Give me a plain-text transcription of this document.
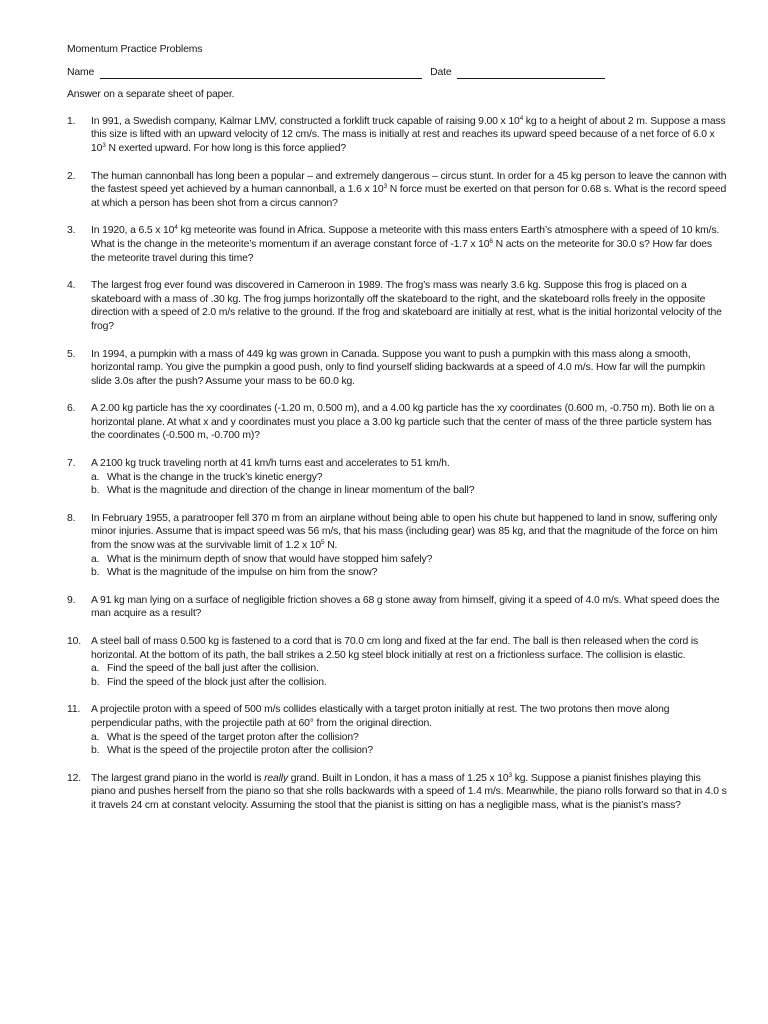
Momentum Practice Problems
Name	Date
Answer on a separate sheet of paper.
1.	In 991, a Swedish company, Kalmar LMV, constructed a forklift truck capable of raising 9.00 x $10^4$ kg to a height of about 2 m. Suppose a mass this size is lifted with an upward velocity of 12 cm/s. The mass is initially at rest and reaches its upward speed because of a net force of 6.0 x $10^3$ N exerted upward. For how long is this force applied?
2.	The human cannonball has long been a popular – and extremely dangerous – circus stunt. In order for a 45 kg person to leave the cannon with the fastest speed yet achieved by a human cannonball, a 1.6 x $10^3$ N force must be exerted on that person for 0.68 s. What is the record speed at which a person has been shot from a circus cannon?
3.	In 1920, a 6.5 x $10^4$ kg meteorite was found in Africa. Suppose a meteorite with this mass enters Earth’s atmosphere with a speed of 10 km/s. What is the change in the meteorite’s momentum if an average constant force of -1.7 x $10^6$ N acts on the meteorite for 30.0 s? How far does the meteorite travel during this time?
4.	The largest frog ever found was discovered in Cameroon in 1989. The frog’s mass was nearly 3.6 kg. Suppose this frog is placed on a skateboard with a mass of .30 kg. The frog jumps horizontally off the skateboard to the right, and the skateboard rolls freely in the opposite direction with a speed of 2.0 m/s relative to the ground. If the frog and skateboard are initially at rest, what is the initial horizontal velocity of the frog?
5.	In 1994, a pumpkin with a mass of 449 kg was grown in Canada. Suppose you want to push a pumpkin with this mass along a smooth, horizontal ramp. You give the pumpkin a good push, only to find yourself sliding backwards at a speed of 4.0 m/s. How far will the pumpkin slide 3.0s after the push? Assume your mass to be 60.0 kg.
6.	A 2.00 kg particle has the xy coordinates (-1.20 m, 0.500 m), and a 4.00 kg particle has the xy coordinates (0.600 m, -0.750 m). Both lie on a horizontal plane. At what x and y coordinates must you place a 3.00 kg particle such that the center of mass of the three particle system has the coordinates (-0.500 m, -0.700 m)?
7.	A 2100 kg truck traveling north at 41 km/h turns east and accelerates to 51 km/h.
a. What is the change in the truck’s kinetic energy?
b. What is the magnitude and direction of the change in linear momentum of the ball?
8.	In February 1955, a paratrooper fell 370 m from an airplane without being able to open his chute but happened to land in snow, suffering only minor injuries. Assume that is impact speed was 56 m/s, that his mass (including gear) was 85 kg, and that the magnitude of the force on him from the snow was at the survivable limit of 1.2 x $10^5$ N.
a. What is the minimum depth of snow that would have stopped him safely?
b. What is the magnitude of the impulse on him from the snow?
9.	A 91 kg man lying on a surface of negligible friction shoves a 68 g stone away from himself, giving it a speed of 4.0 m/s. What speed does the man acquire as a result?
10. A steel ball of mass 0.500 kg is fastened to a cord that is 70.0 cm long and fixed at the far end. The ball is then released when the cord is horizontal. At the bottom of its path, the ball strikes a 2.50 kg steel block initially at rest on a frictionless surface. The collision is elastic.
a. Find the speed of the ball just after the collision.
b. Find the speed of the block just after the collision.
11.	A projectile proton with a speed of 500 m/s collides elastically with a target proton initially at rest. The two protons then move along perpendicular paths, with the projectile path at 60° from the original direction.
a. What is the speed of the target proton after the collision?
b. What is the speed of the projectile proton after the collision?
12. The largest grand piano in the world is really grand. Built in London, it has a mass of 1.25 x $10^3$ kg. Suppose a pianist finishes playing this piano and pushes herself from the piano so that she rolls backwards with a speed of 1.4 m/s. Meanwhile, the piano rolls forward so that in 4.0 s it travels 24 cm at constant velocity. Assuming the stool that the pianist is sitting on has a negligible mass, what is the pianist’s mass?
